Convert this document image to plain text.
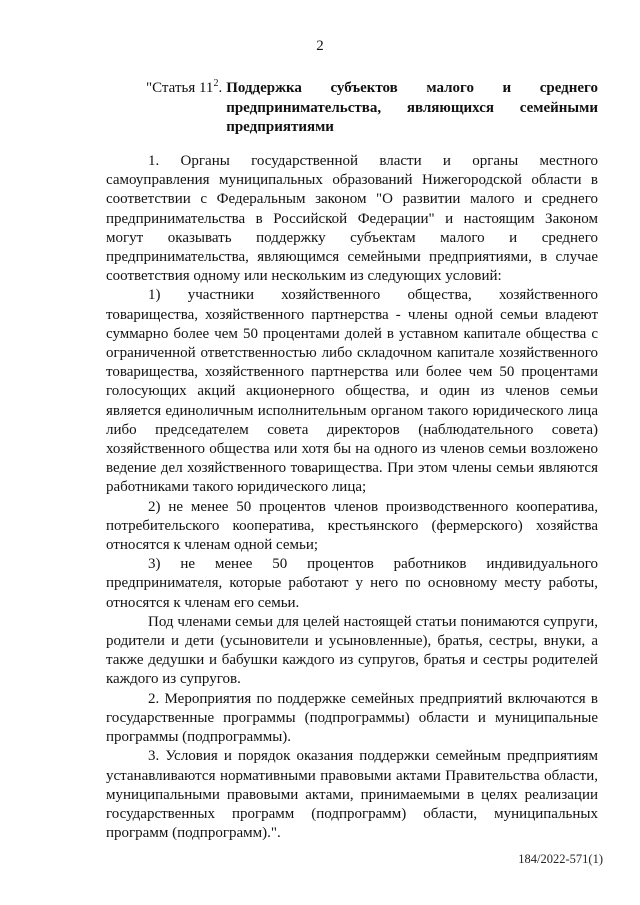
2
"Статья $11^2$. Поддержка субъектов малого и среднего предпринимательства, являющихся семейными предприятиями

1. Органы государственной власти и органы местного самоуправления муниципальных образований Нижегородской области в соответствии с Федеральным законом "О развитии малого и среднего предпринимательства в Российской Федерации" и настоящим Законом могут оказывать поддержку субъектам малого и среднего предпринимательства, являющимся семейными предприятиями, в случае соответствия одному или нескольким из следующих условий:

1) участники хозяйственного общества, хозяйственного товарищества, хозяйственного партнерства - члены одной семьи владеют суммарно более чем 50 процентами долей в уставном капитале общества с ограниченной ответственностью либо складочном капитале хозяйственного товарищества, хозяйственного партнерства или более чем 50 процентами голосующих акций акционерного общества, и один из членов семьи является единоличным исполнительным органом такого юридического лица либо председателем совета директоров (наблюдательного совета) хозяйственного общества или хотя бы на одного из членов семьи возложено ведение дел хозяйственного товарищества. При этом члены семьи являются работниками такого юридического лица;

2) не менее 50 процентов членов производственного кооператива, потребительского кооператива, крестьянского (фермерского) хозяйства относятся к членам одной семьи;

3) не менее 50 процентов работников индивидуального предпринимателя, которые работают у него по основному месту работы, относятся к членам его семьи.

Под членами семьи для целей настоящей статьи понимаются супруги, родители и дети (усыновители и усыновленные), братья, сестры, внуки, а также дедушки и бабушки каждого из супругов, братья и сестры родителей каждого из супругов.

2. Мероприятия по поддержке семейных предприятий включаются в государственные программы (подпрограммы) области и муниципальные программы (подпрограммы).

3. Условия и порядок оказания поддержки семейным предприятиям устанавливаются нормативными правовыми актами Правительства области, муниципальными правовыми актами, принимаемыми в целях реализации государственных программ (подпрограмм) области, муниципальных программ (подпрограмм).".

184/2022-571(1)
